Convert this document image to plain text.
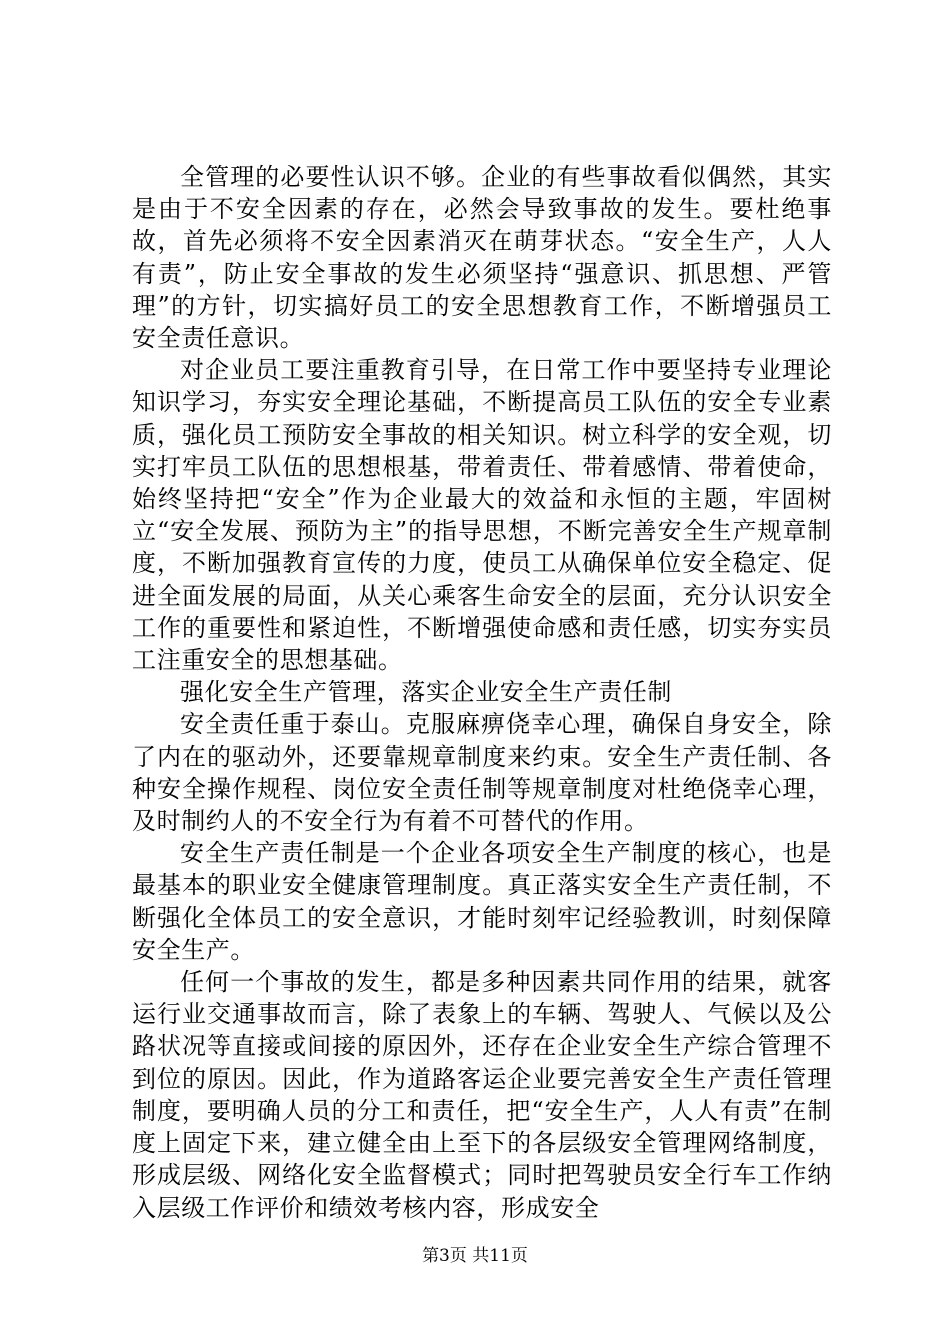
全管理的必要性认识不够。企业的有些事故看似偶然，其实是由于不安全因素的存在，必然会导致事故的发生。要杜绝事故，首先必须将不安全因素消灭在萌芽状态。“安全生产，人人有责”，防止安全事故的发生必须坚持“强意识、抓思想、严管理”的方针，切实搞好员工的安全思想教育工作，不断增强员工安全责任意识。

对企业员工要注重教育引导，在日常工作中要坚持专业理论知识学习，夯实安全理论基础，不断提高员工队伍的安全专业素质，强化员工预防安全事故的相关知识。树立科学的安全观，切实打牢员工队伍的思想根基，带着责任、带着感情、带着使命，始终坚持把“安全”作为企业最大的效益和永恒的主题，牢固树立“安全发展、预防为主”的指导思想，不断完善安全生产规章制度，不断加强教育宣传的力度，使员工从确保单位安全稳定、促进全面发展的局面，从关心乘客生命安全的层面，充分认识安全工作的重要性和紧迫性，不断增强使命感和责任感，切实夯实员工注重安全的思想基础。

强化安全生产管理，落实企业安全生产责任制

安全责任重于泰山。克服麻痹侥幸心理，确保自身安全，除了内在的驱动外，还要靠规章制度来约束。安全生产责任制、各种安全操作规程、岗位安全责任制等规章制度对杜绝侥幸心理，及时制约人的不安全行为有着不可替代的作用。

安全生产责任制是一个企业各项安全生产制度的核心，也是最基本的职业安全健康管理制度。真正落实安全生产责任制，不断强化全体员工的安全意识，才能时刻牢记经验教训，时刻保障安全生产。

任何一个事故的发生，都是多种因素共同作用的结果，就客运行业交通事故而言，除了表象上的车辆、驾驶人、气候以及公路状况等直接或间接的原因外，还存在企业安全生产综合管理不到位的原因。因此，作为道路客运企业要完善安全生产责任管理制度，要明确人员的分工和责任，把“安全生产，人人有责”在制度上固定下来，建立健全由上至下的各层级安全管理网络制度，形成层级、网络化安全监督模式；同时把驾驶员安全行车工作纳入层级工作评价和绩效考核内容，形成安全

第3页 共11页
